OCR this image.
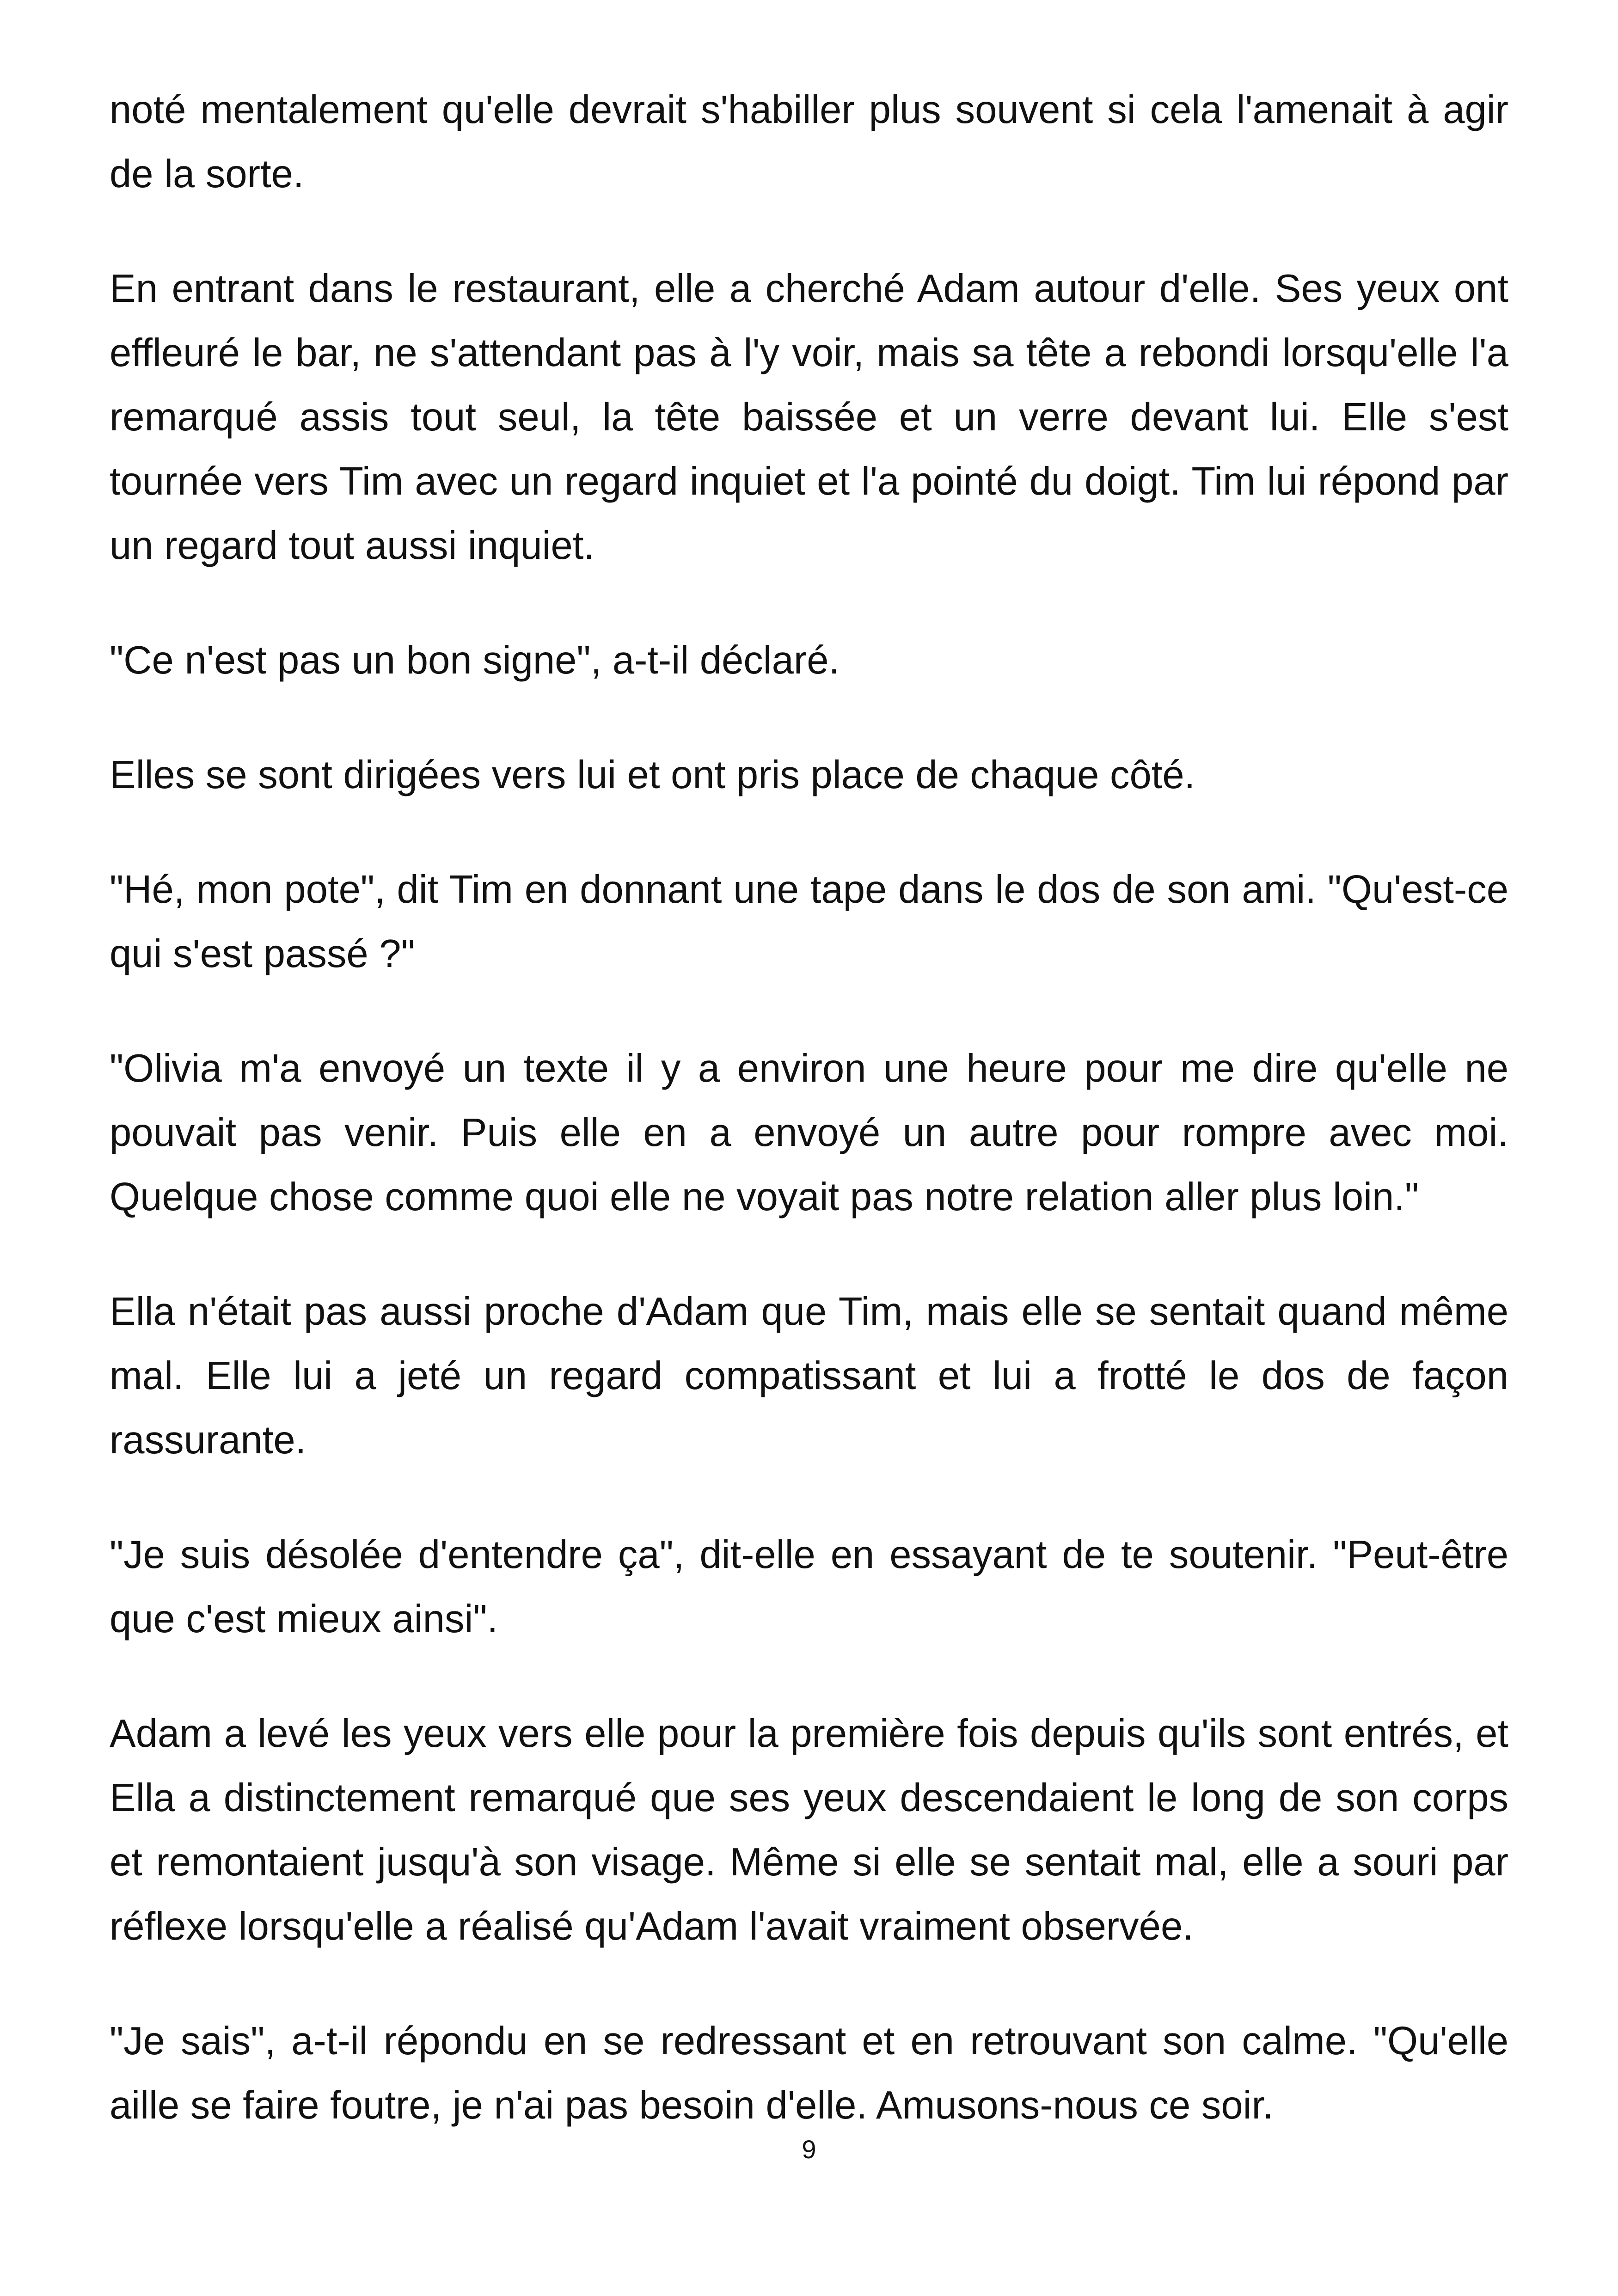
noté mentalement qu'elle devrait s'habiller plus souvent si cela l'amenait à agir de la sorte.

En entrant dans le restaurant, elle a cherché Adam autour d'elle. Ses yeux ont effleuré le bar, ne s'attendant pas à l'y voir, mais sa tête a rebondi lorsqu'elle l'a remarqué assis tout seul, la tête baissée et un verre devant lui. Elle s'est tournée vers Tim avec un regard inquiet et l'a pointé du doigt. Tim lui répond par un regard tout aussi inquiet.

"Ce n'est pas un bon signe", a-t-il déclaré.

Elles se sont dirigées vers lui et ont pris place de chaque côté.

"Hé, mon pote", dit Tim en donnant une tape dans le dos de son ami. "Qu'est-ce qui s'est passé ?"

"Olivia m'a envoyé un texte il y a environ une heure pour me dire qu'elle ne pouvait pas venir. Puis elle en a envoyé un autre pour rompre avec moi. Quelque chose comme quoi elle ne voyait pas notre relation aller plus loin."

Ella n'était pas aussi proche d'Adam que Tim, mais elle se sentait quand même mal. Elle lui a jeté un regard compatissant et lui a frotté le dos de façon rassurante.

"Je suis désolée d'entendre ça", dit-elle en essayant de te soutenir. "Peut-être que c'est mieux ainsi".

Adam a levé les yeux vers elle pour la première fois depuis qu'ils sont entrés, et Ella a distinctement remarqué que ses yeux descendaient le long de son corps et remontaient jusqu'à son visage. Même si elle se sentait mal, elle a souri par réflexe lorsqu'elle a réalisé qu'Adam l'avait vraiment observée.

"Je sais", a-t-il répondu en se redressant et en retrouvant son calme. "Qu'elle aille se faire foutre, je n'ai pas besoin d'elle. Amusons-nous ce soir.

9
